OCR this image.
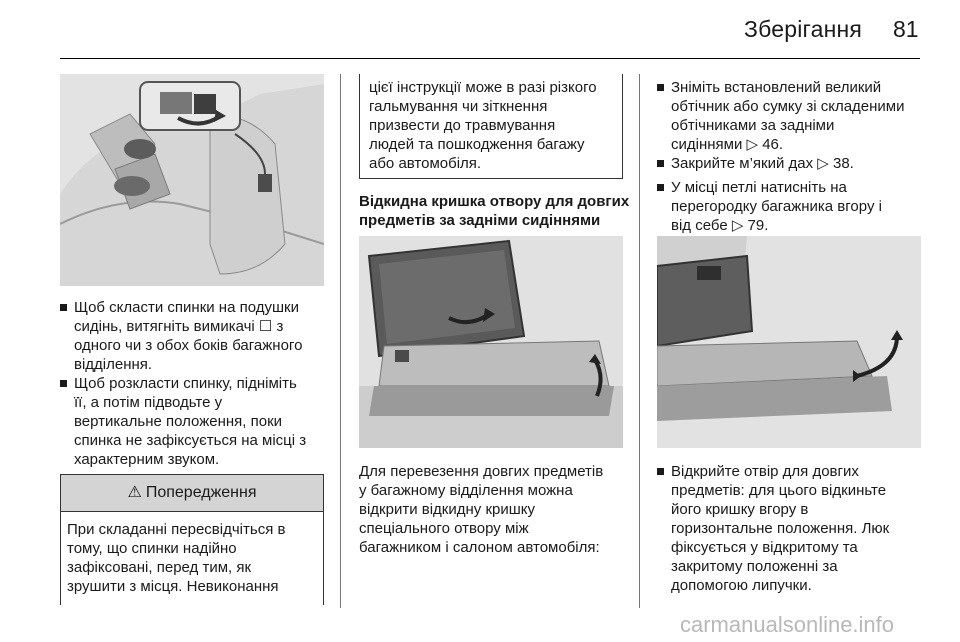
Зберігання 81
Щоб скласти спинки на подушки
сидінь, витягніть вимикачі ☐ з
одного чи з обох боків багажного
відділення.
Щоб розкласти спинку, підніміть
її, а потім підводьте у
вертикальне положення, поки
спинка не зафіксується на місці з
характерним звуком.
⚠ Попередження
При складанні пересвідчіться в
тому, що спинки надійно
зафіксовані, перед тим, як
зрушити з місця. Невиконання
цієї інструкції може в разі різкого
гальмування чи зіткнення
призвести до травмування
людей та пошкодження багажу
або автомобіля.
Відкидна кришка отвору для довгих
предметів за задніми сидіннями
Для перевезення довгих предметів
у багажному відділення можна
відкрити відкидну кришку
спеціального отвору між
багажником і салоном автомобіля:
Зніміть встановлений великий
обтічник або сумку зі складеними
обтічниками за задніми
сидіннями ▷ 46.
Закрийте м’який дах ▷ 38.
У місці петлі натисніть на
перегородку багажника вгору і
від себе ▷ 79.
Відкрийте отвір для довгих
предметів: для цього відкиньте
його кришку вгору в
горизонтальне положення. Люк
фіксується у відкритому та
закритому положенні за
допомогою липучки.
carmanualsonline.info
